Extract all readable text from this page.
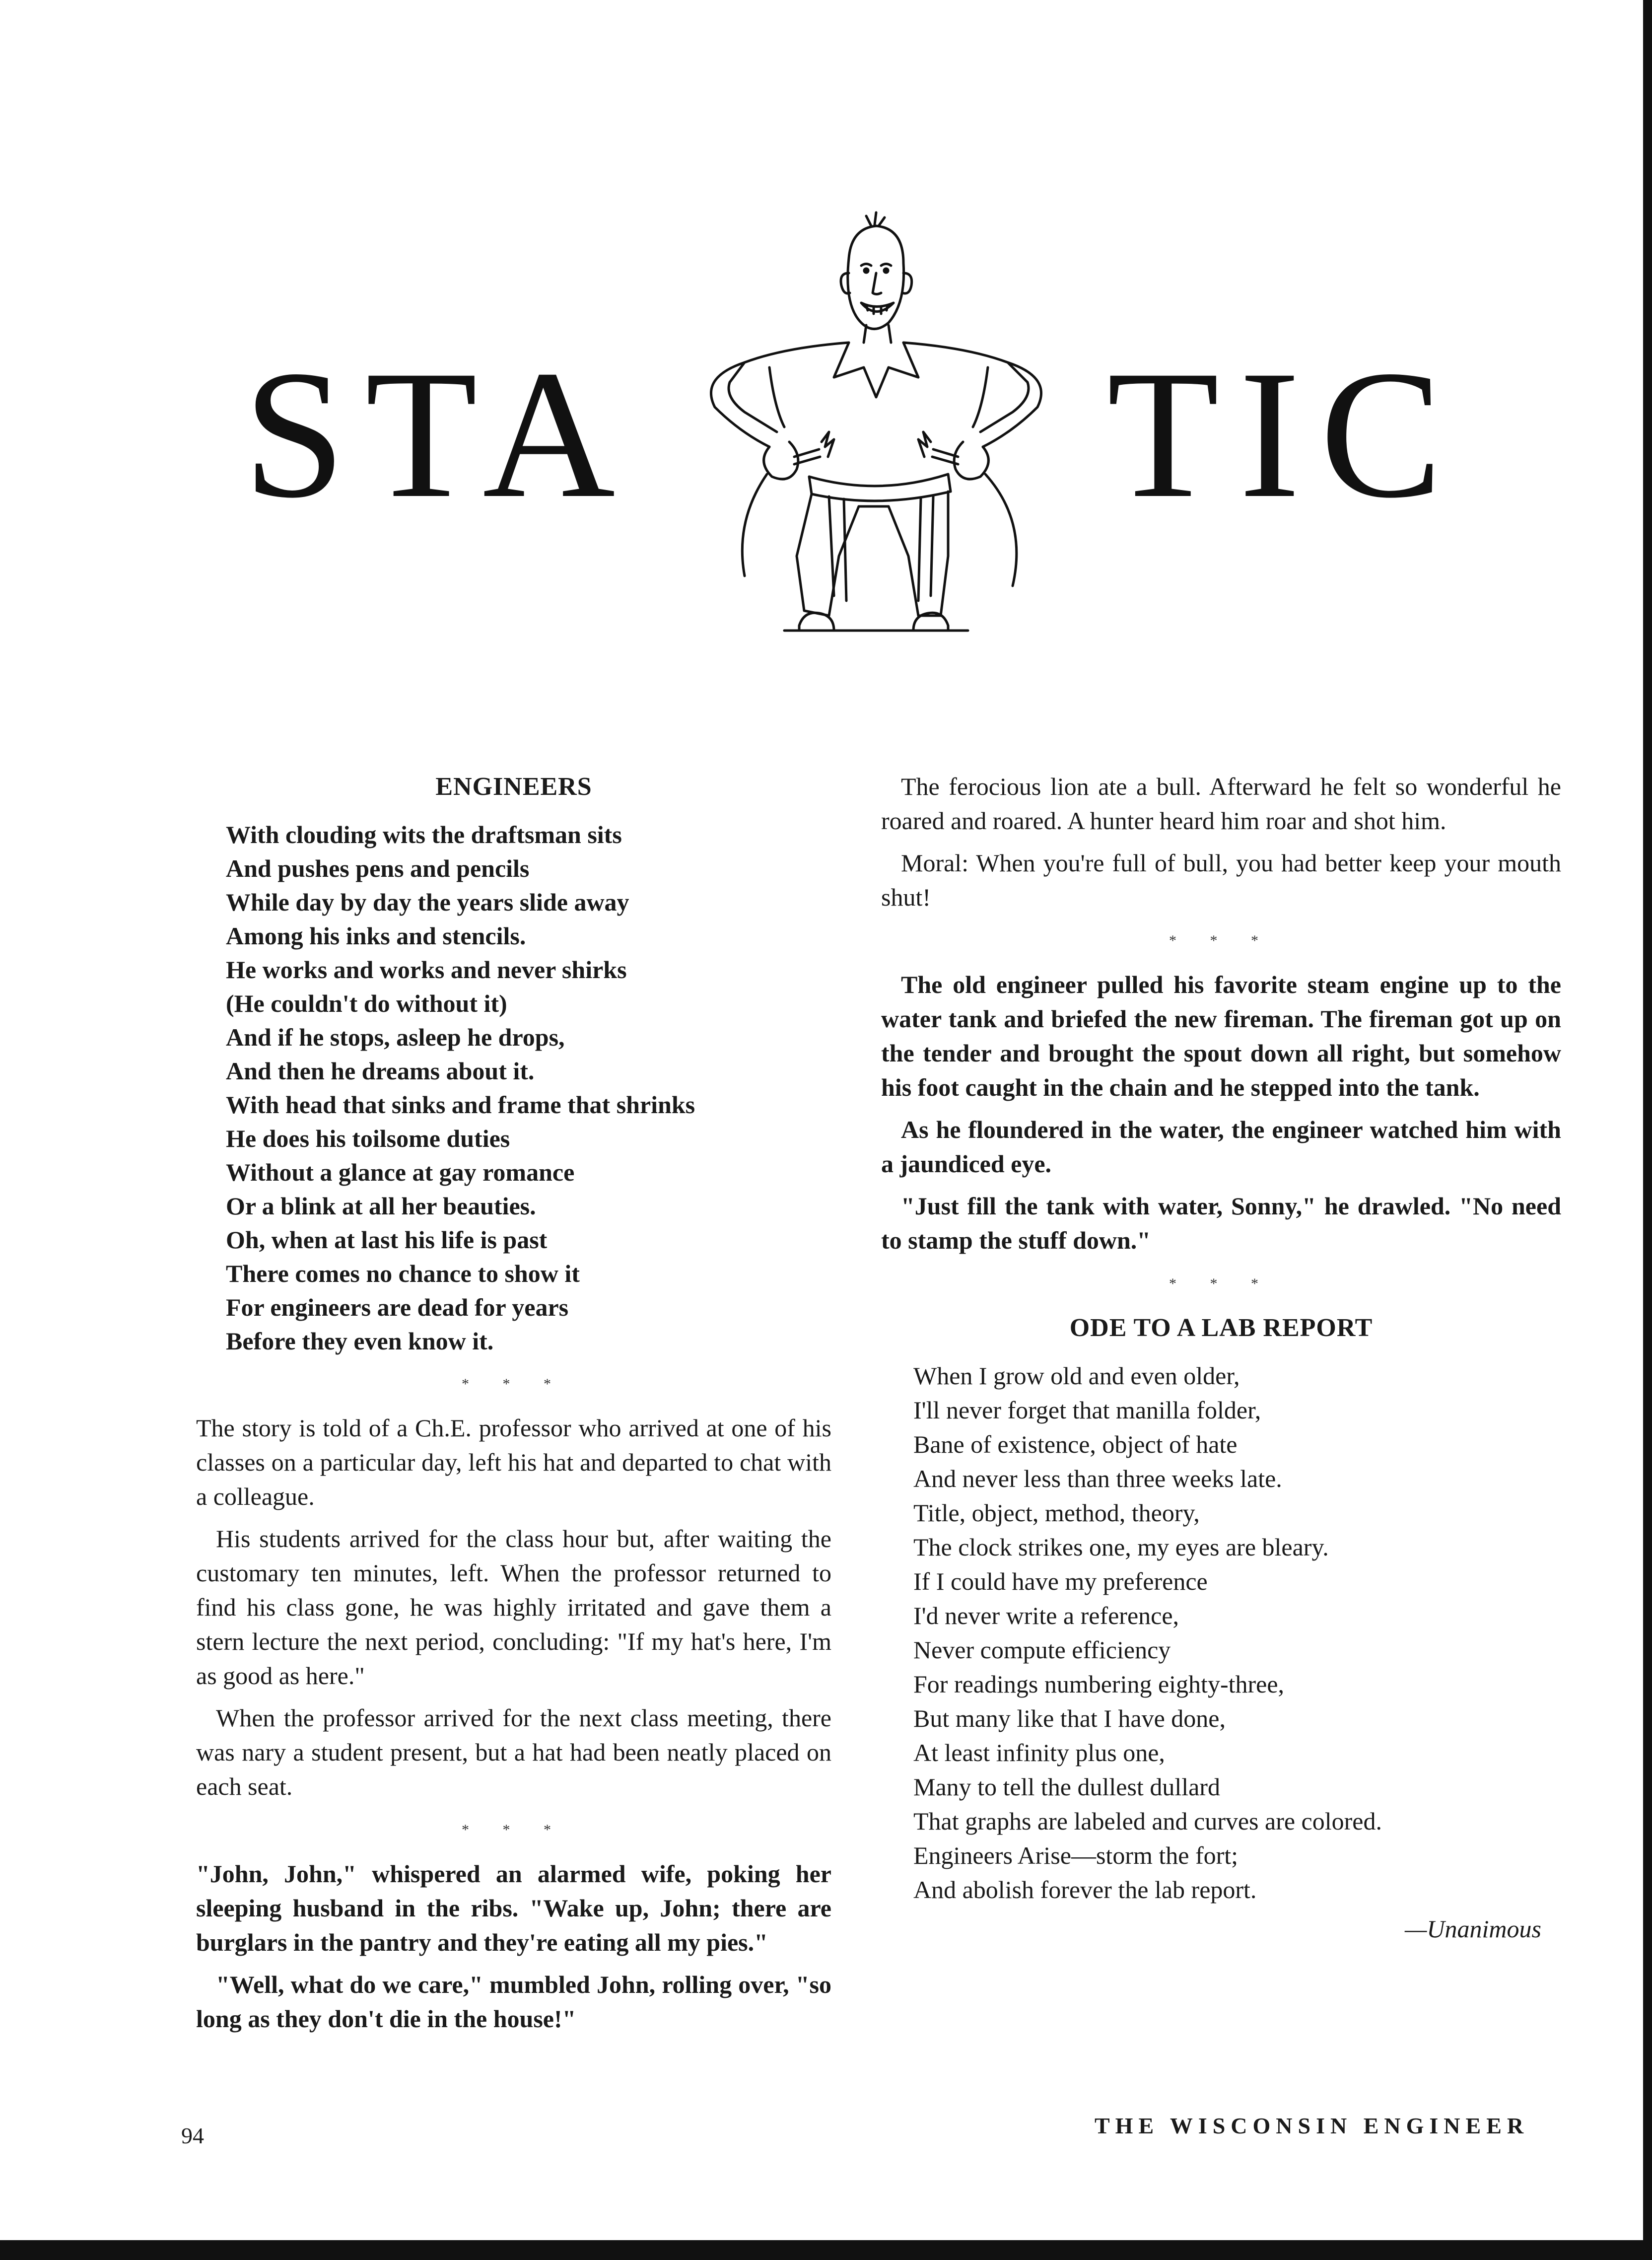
STA	TIC
ENGINEERS
With clouding wits the draftsman sits
And pushes pens and pencils
While day by day the years slide away
Among his inks and stencils.
He works and works and never shirks
(He couldn't do without it)
And if he stops, asleep he drops,
And then he dreams about it.
With head that sinks and frame that shrinks
He does his toilsome duties
Without a glance at gay romance
Or a blink at all her beauties.
Oh, when at last his life is past
There comes no chance to show it
For engineers are dead for years
Before they even know it.
* * *

The story is told of a Ch.E. professor who arrived at one of his classes on a particular day, left his hat and departed to chat with a colleague.

His students arrived for the class hour but, after waiting the customary ten minutes, left. When the professor returned to find his class gone, he was highly irritated and gave them a stern lecture the next period, concluding: "If my hat's here, I'm as good as here."

When the professor arrived for the next class meeting, there was nary a student present, but a hat had been neatly placed on each seat.

* * *

"John, John," whispered an alarmed wife, poking her sleeping husband in the ribs. "Wake up, John; there are burglars in the pantry and they're eating all my pies."

"Well, what do we care," mumbled John, rolling over, "so long as they don't die in the house!"

The ferocious lion ate a bull. Afterward he felt so wonderful he roared and roared. A hunter heard him roar and shot him.

Moral: When you're full of bull, you had better keep your mouth shut!

* * *

The old engineer pulled his favorite steam engine up to the water tank and briefed the new fireman. The fireman got up on the tender and brought the spout down all right, but somehow his foot caught in the chain and he stepped into the tank.

As he floundered in the water, the engineer watched him with a jaundiced eye.

"Just fill the tank with water, Sonny," he drawled. "No need to stamp the stuff down."

* * *
ODE TO A LAB REPORT
When I grow old and even older,
I'll never forget that manilla folder,
Bane of existence, object of hate
And never less than three weeks late.
Title, object, method, theory,
The clock strikes one, my eyes are bleary.
If I could have my preference
I'd never write a reference,
Never compute efficiency
For readings numbering eighty-three,
But many like that I have done,
At least infinity plus one,
Many to tell the dullest dullard
That graphs are labeled and curves are colored.
Engineers Arise—storm the fort;
And abolish forever the lab report.
—Unanimous
94	THE WISCONSIN ENGINEER
